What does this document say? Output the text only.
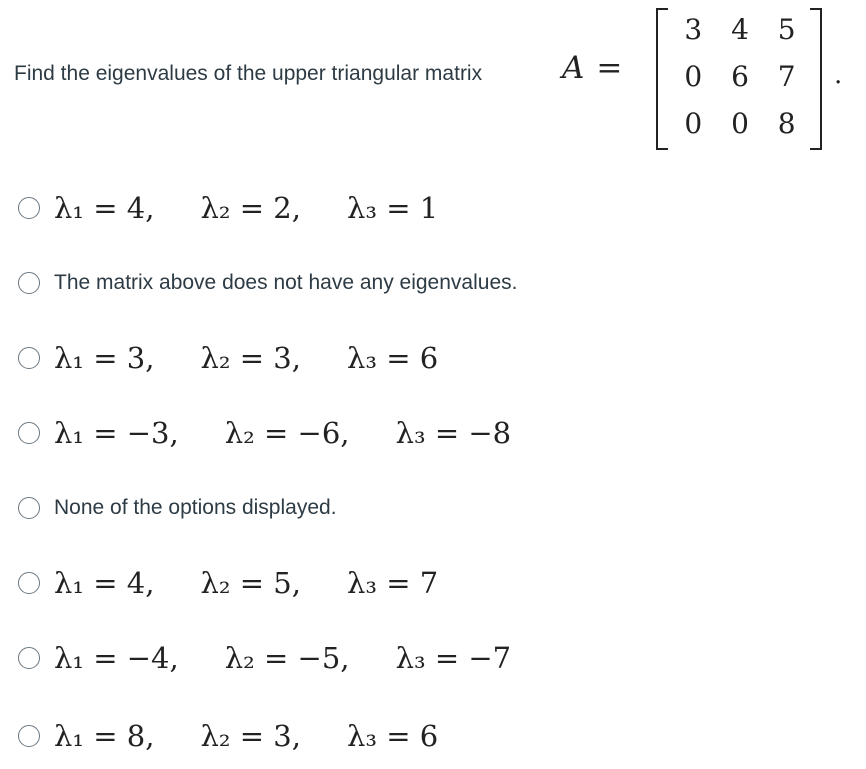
Find the eigenvalues of the upper triangular matrix	A =
3	4	5
0	6	7
0	0	8
.
λ₁ = 4,     λ₂ = 2,     λ₃ = 1
The matrix above does not have any eigenvalues.
λ₁ = 3,     λ₂ = 3,     λ₃ = 6
λ₁ = −3,     λ₂ = −6,     λ₃ = −8
None of the options displayed.
λ₁ = 4,     λ₂ = 5,     λ₃ = 7
λ₁ = −4,     λ₂ = −5,     λ₃ = −7
λ₁ = 8,     λ₂ = 3,     λ₃ = 6
